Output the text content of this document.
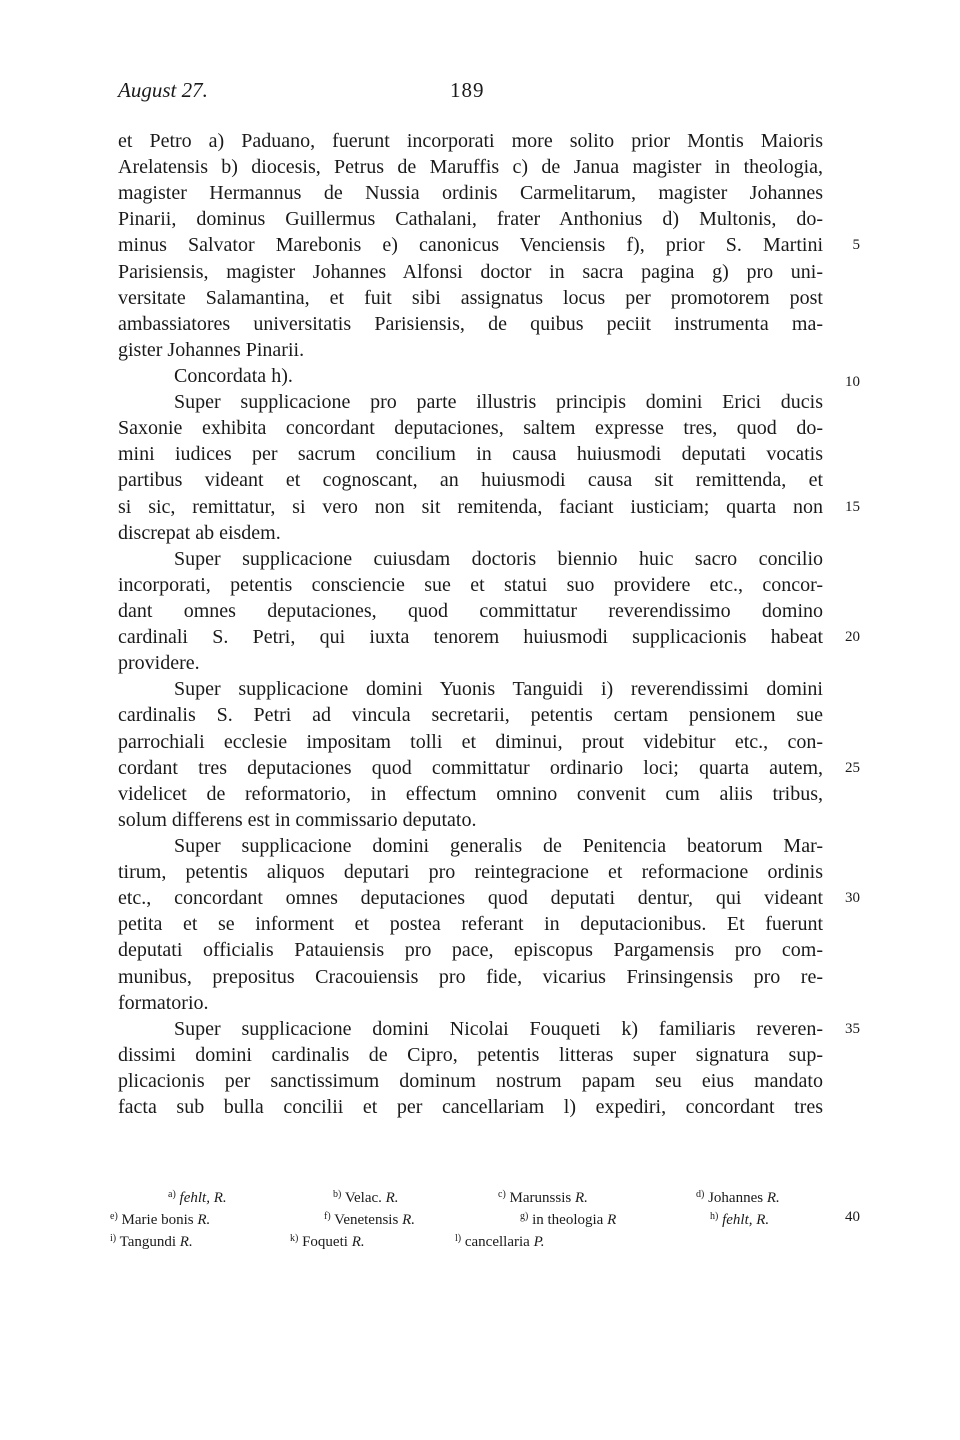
August 27.	189
et Petro a) Paduano, fuerunt incorporati more solito prior Montis Maioris
Arelatensis b) diocesis, Petrus de Maruffis c) de Janua magister in theologia,
magister Hermannus de Nussia ordinis Carmelitarum, magister Johannes
Pinarii, dominus Guillermus Cathalani, frater Anthonius d) Multonis, do-
minus Salvator Marebonis e) canonicus Venciensis f), prior S. Martini	5
Parisiensis, magister Johannes Alfonsi doctor in sacra pagina g) pro uni-
versitate Salamantina, et fuit sibi assignatus locus per promotorem post
ambassiatores universitatis Parisiensis, de quibus peciit instrumenta ma-
gister Johannes Pinarii.
Concordata h).	10
Super supplicacione pro parte illustris principis domini Erici ducis
Saxonie exhibita concordant deputaciones, saltem expresse tres, quod do-
mini iudices per sacrum concilium in causa huiusmodi deputati vocatis
partibus videant et cognoscant, an huiusmodi causa sit remittenda, et
si sic, remittatur, si vero non sit remitenda, faciant iusticiam; quarta non	15
discrepat ab eisdem.
Super supplicacione cuiusdam doctoris biennio huic sacro concilio
incorporati, petentis consciencie sue et statui suo providere etc., concor-
dant omnes deputaciones, quod committatur reverendissimo domino
cardinali S. Petri, qui iuxta tenorem huiusmodi supplicacionis habeat	20
providere.
Super supplicacione domini Yuonis Tanguidi i) reverendissimi domini
cardinalis S. Petri ad vincula secretarii, petentis certam pensionem sue
parrochiali ecclesie impositam tolli et diminui, prout videbitur etc., con-
cordant tres deputaciones quod committatur ordinario loci; quarta autem,	25
videlicet de reformatorio, in effectum omnino convenit cum aliis tribus,
solum differens est in commissario deputato.
Super supplicacione domini generalis de Penitencia beatorum Mar-
tirum, petentis aliquos deputari pro reintegracione et reformacione ordinis
etc., concordant omnes deputaciones quod deputati dentur, qui videant	30
petita et se informent et postea referant in deputacionibus. Et fuerunt
deputati officialis Patauiensis pro pace, episcopus Pargamensis pro com-
munibus, prepositus Cracouiensis pro fide, vicarius Frinsingensis pro re-
formatorio.
Super supplicacione domini Nicolai Fouqueti k) familiaris reveren-	35
dissimi domini cardinalis de Cipro, petentis litteras super signatura sup-
plicacionis per sanctissimum dominum nostrum papam seu eius mandato
facta sub bulla concilii et per cancellariam l) expediri, concordant tres
$^{a)}$ fehlt, R.	$^{b)}$ Velac. R.	$^{c)}$ Marunssis R.	$^{d)}$ Johannes R.
$^{e)}$ Marie bonis R.	$^{f)}$ Venetensis R.	$^{g)}$ in theologia R	$^{h)}$ fehlt, R.	40
$^{i)}$ Tangundi R.	$^{k)}$ Foqueti R.	$^{l)}$ cancellaria P.
